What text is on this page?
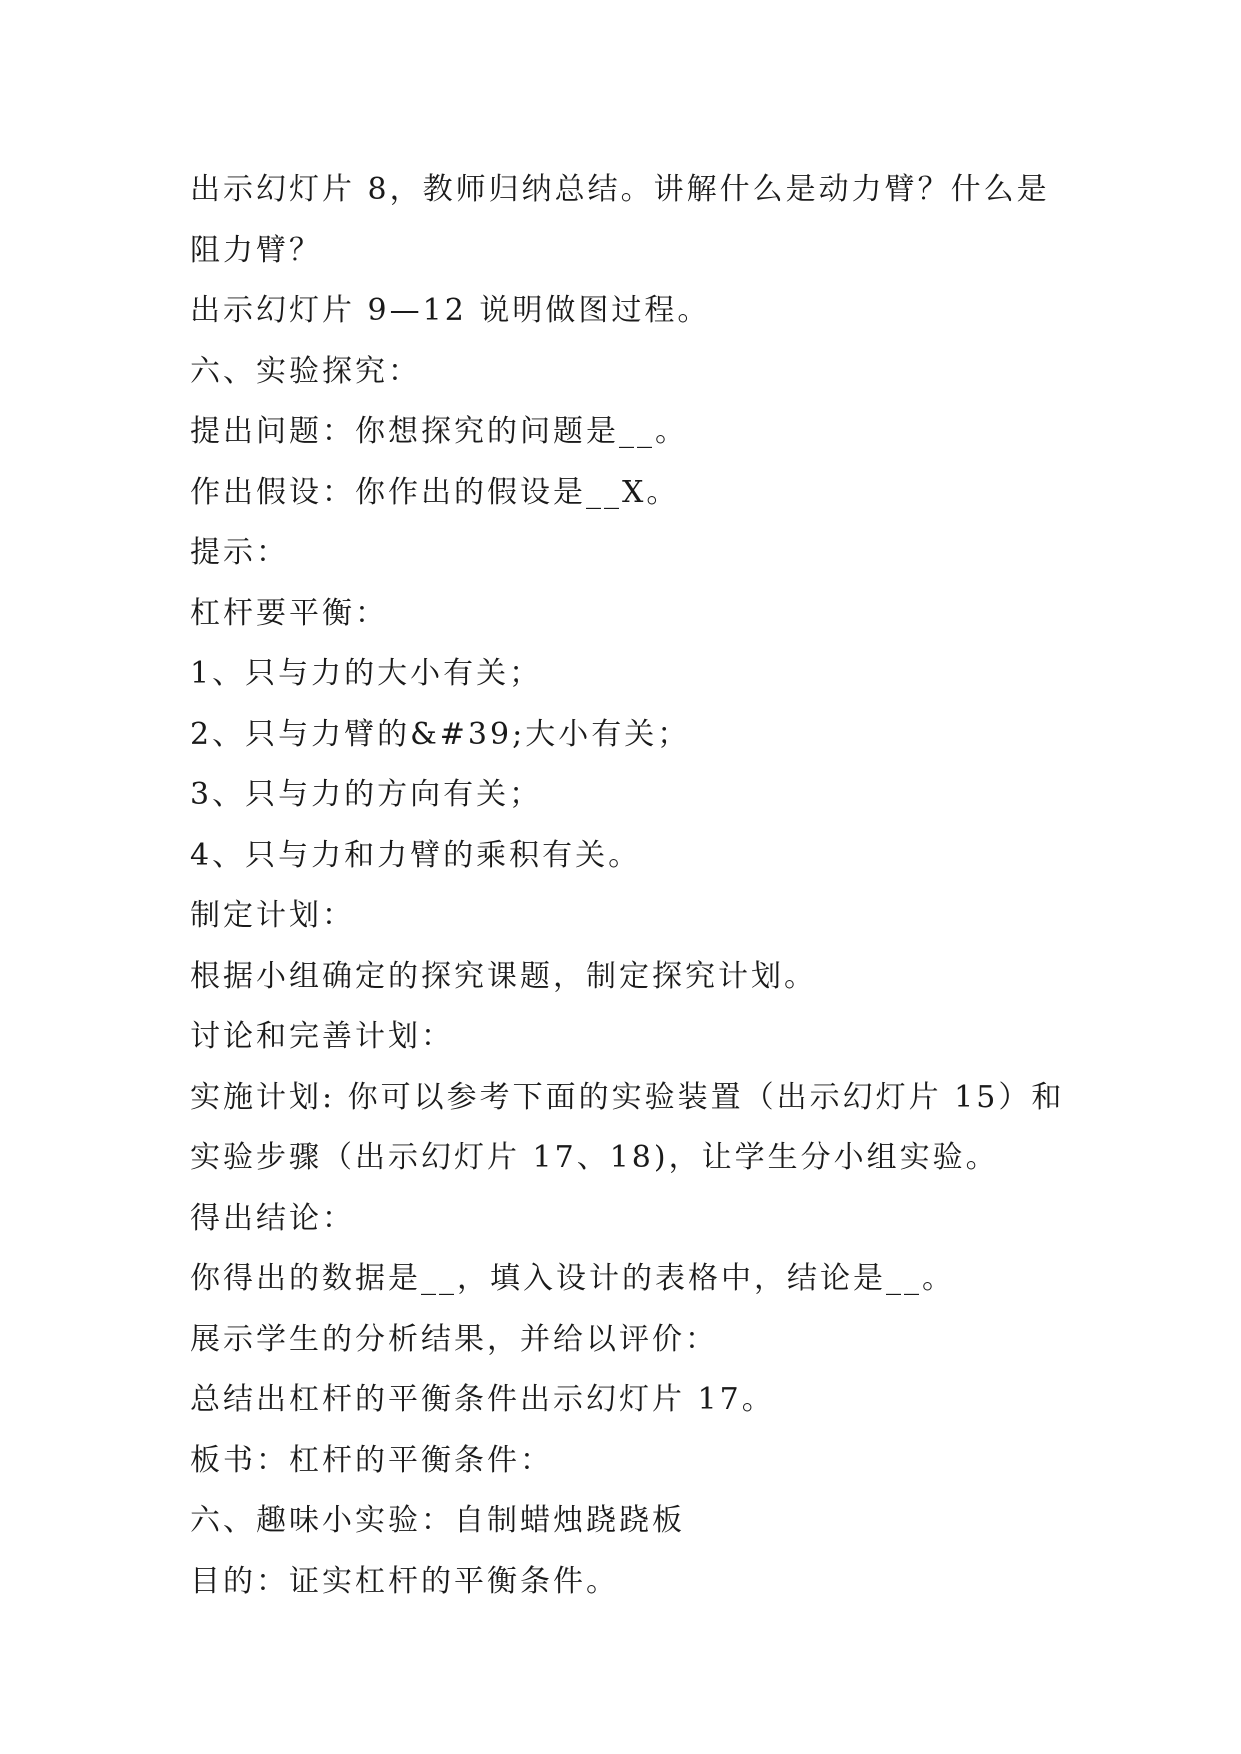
出示幻灯片 8，教师归纳总结。讲解什么是动力臂？什么是

阻力臂？

出示幻灯片 9—12 说明做图过程。

六、实验探究：

提出问题：你想探究的问题是__。

作出假设：你作出的假设是__X。

提示：

杠杆要平衡：

1、只与力的大小有关；

2、只与力臂的&#39;大小有关；

3、只与力的方向有关；

4、只与力和力臂的乘积有关。

制定计划：

根据小组确定的探究课题，制定探究计划。

讨论和完善计划：

实施计划: 你可以参考下面的实验装置（出示幻灯片 15）和

实验步骤（出示幻灯片 17、18)，让学生分小组实验。

得出结论：

你得出的数据是__，填入设计的表格中，结论是__。

展示学生的分析结果，并给以评价：

总结出杠杆的平衡条件出示幻灯片 17。

板书：杠杆的平衡条件：

六、趣味小实验：自制蜡烛跷跷板

目的：证实杠杆的平衡条件。
